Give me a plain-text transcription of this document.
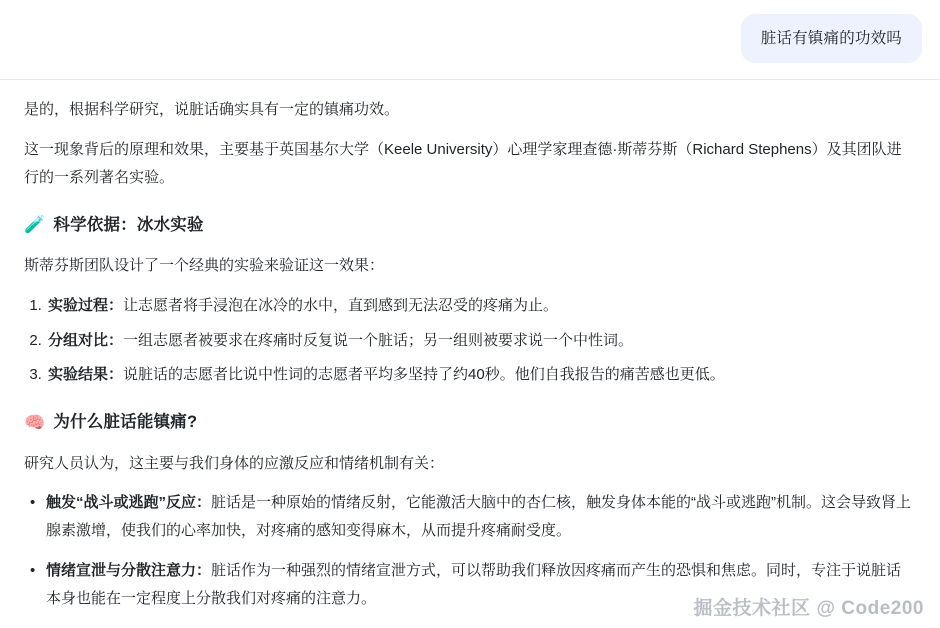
脏话有镇痛的功效吗

是的，根据科学研究，说脏话确实具有一定的镇痛功效。

这一现象背后的原理和效果，主要基于英国基尔大学（Keele University）心理学家理查德·斯蒂芬斯（Richard Stephens）及其团队进行的一系列著名实验。

🧪 科学依据：冰水实验

斯蒂芬斯团队设计了一个经典的实验来验证这一效果：

1. 实验过程：让志愿者将手浸泡在冰冷的水中，直到感到无法忍受的疼痛为止。
2. 分组对比：一组志愿者被要求在疼痛时反复说一个脏话；另一组则被要求说一个中性词。
3. 实验结果：说脏话的志愿者比说中性词的志愿者平均多坚持了约40秒。他们自我报告的痛苦感也更低。
🧠 为什么脏话能镇痛?

研究人员认为，这主要与我们身体的应激反应和情绪机制有关：

• 触发“战斗或逃跑”反应：脏话是一种原始的情绪反射，它能激活大脑中的杏仁核，触发身体本能的“战斗或逃跑”机制。这会导致肾上腺素激增，使我们的心率加快，对疼痛的感知变得麻木，从而提升疼痛耐受度。
• 情绪宣泄与分散注意力：脏话作为一种强烈的情绪宣泄方式，可以帮助我们释放因疼痛而产生的恐惧和焦虑。同时，专注于说脏话本身也能在一定程度上分散我们对疼痛的注意力。	掘金技术社区 @ Code200
